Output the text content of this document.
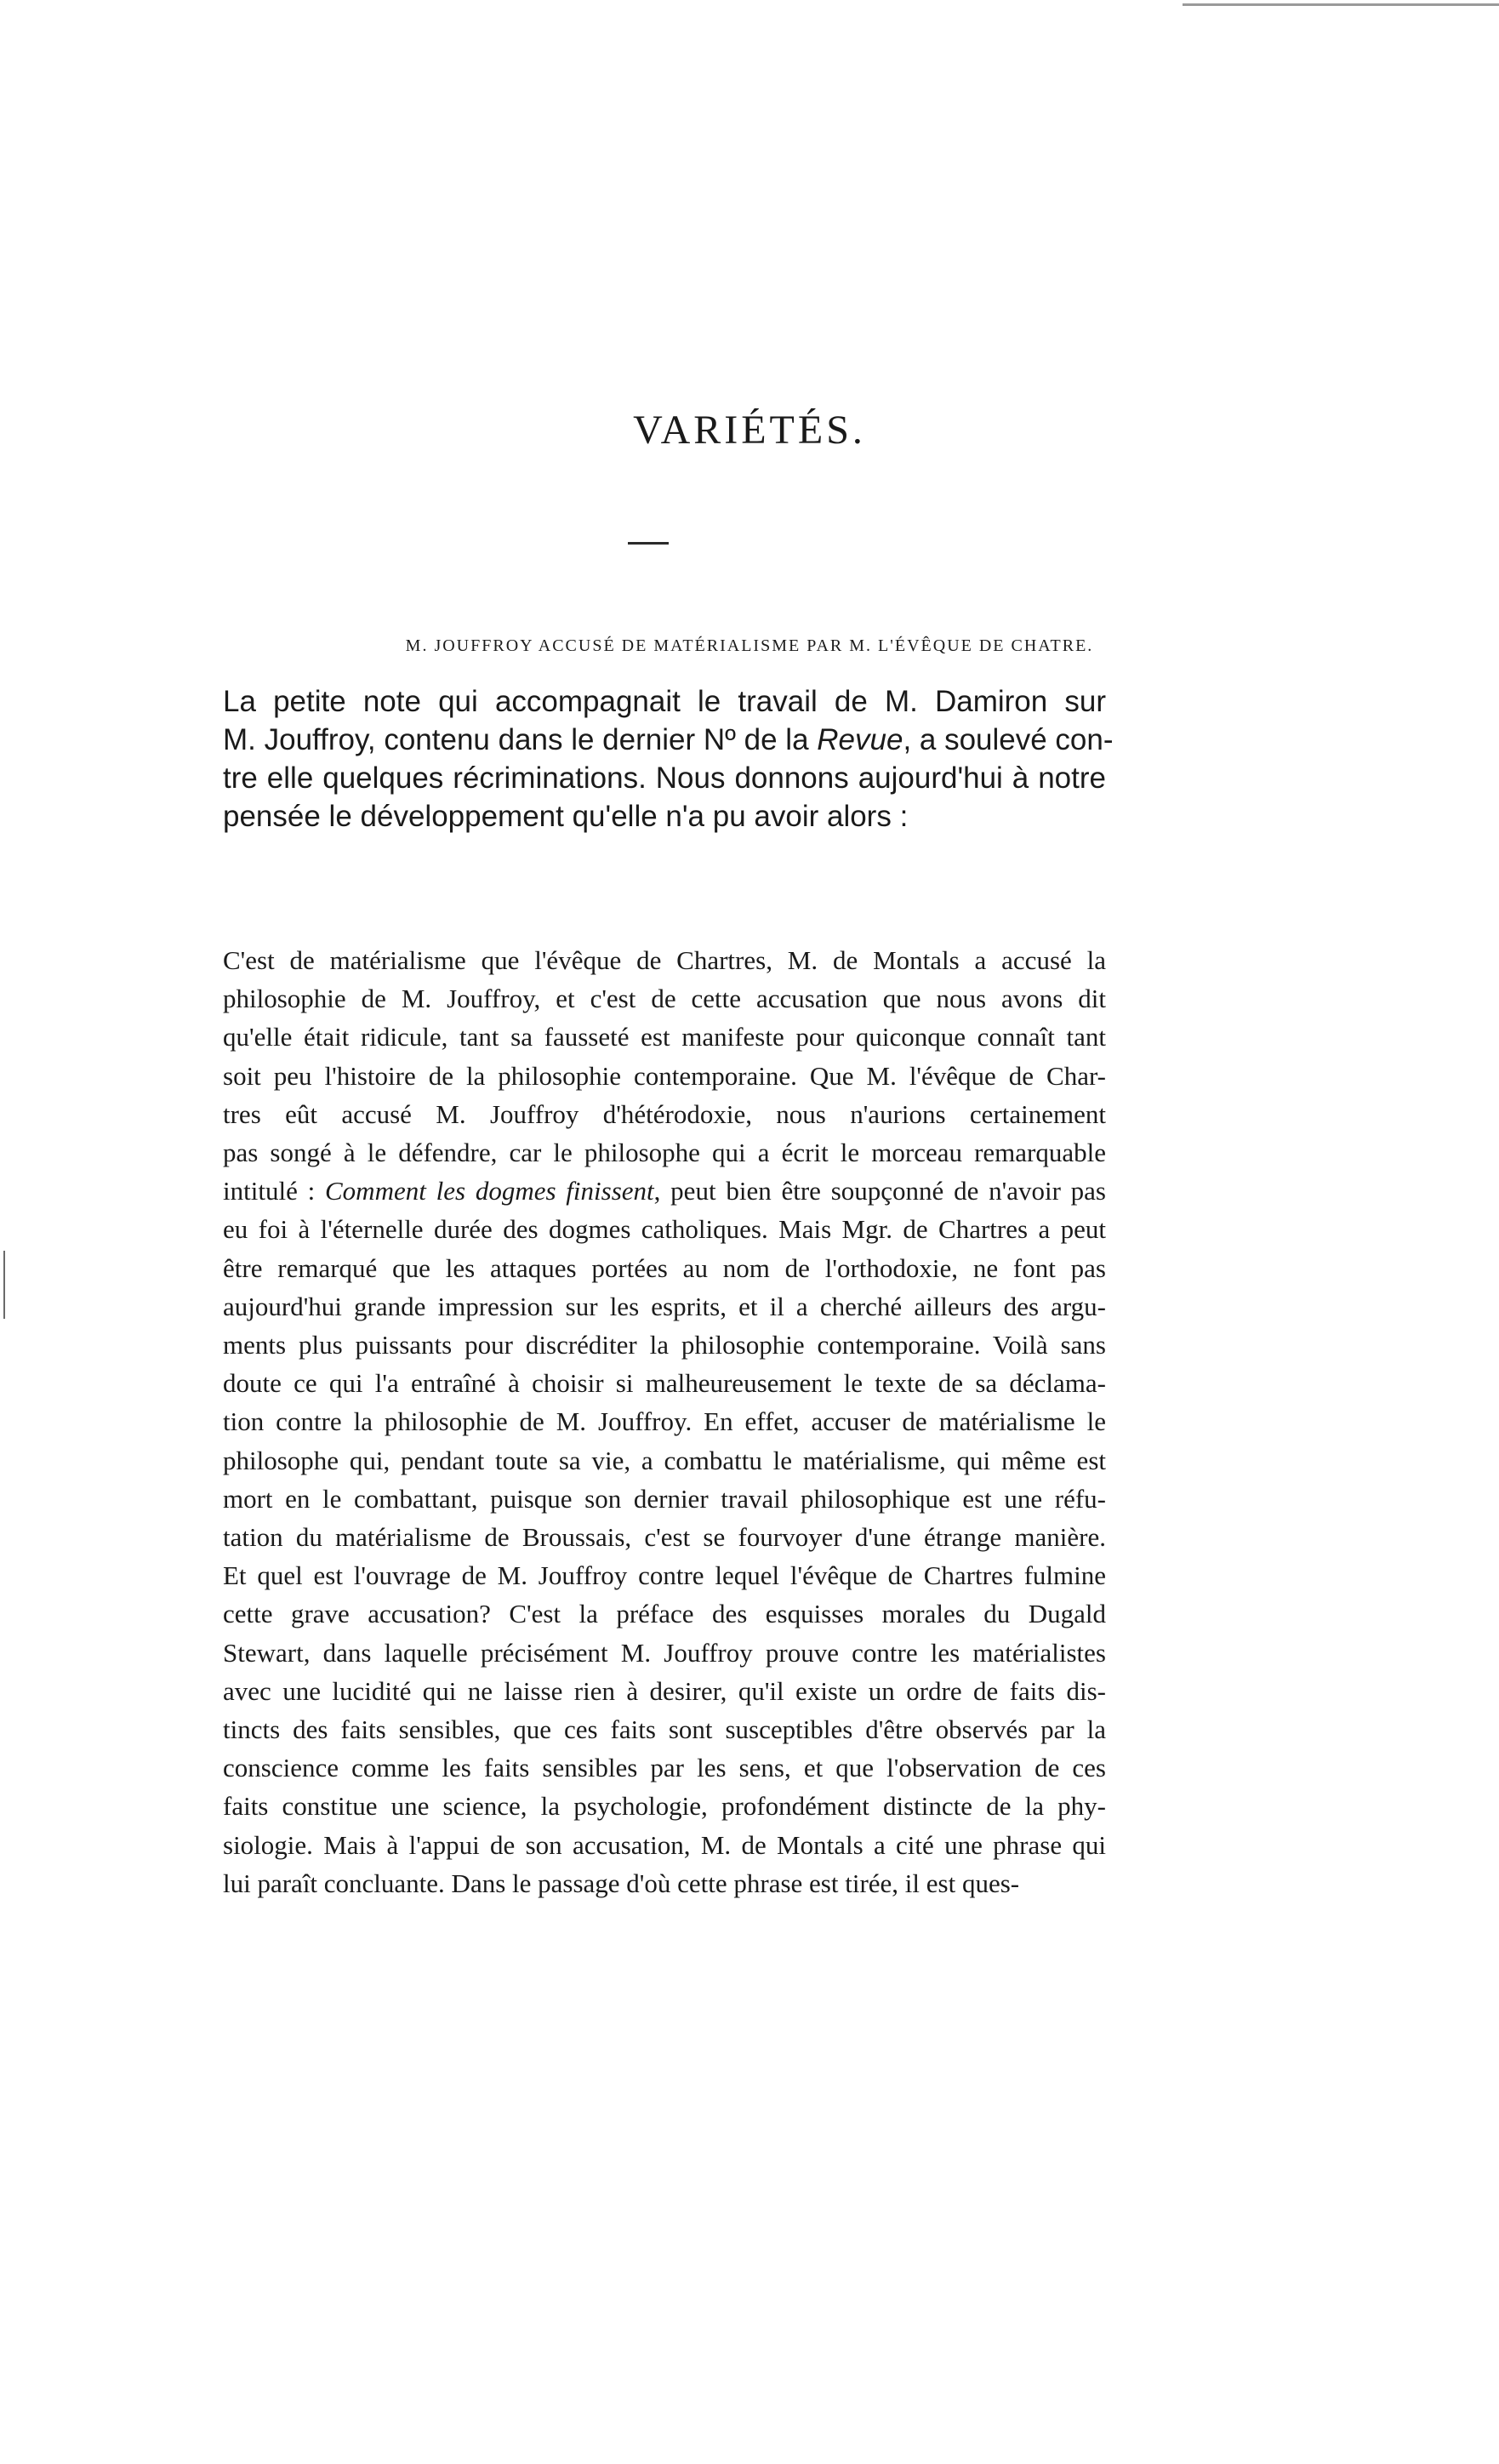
VARIÉTÉS.
M. JOUFFROY ACCUSÉ DE MATÉRIALISME PAR M. L'ÉVÊQUE DE CHATRE.
La petite note qui accompagnait le travail de M. Damiron sur
M. Jouffroy, contenu dans le dernier Nº de la Revue, a soulevé con-
tre elle quelques récriminations. Nous donnons aujourd'hui à notre
pensée le développement qu'elle n'a pu avoir alors :
C'est de matérialisme que l'évêque de Chartres, M. de Montals a accusé la
philosophie de M. Jouffroy, et c'est de cette accusation que nous avons dit
qu'elle était ridicule, tant sa fausseté est manifeste pour quiconque connaît tant
soit peu l'histoire de la philosophie contemporaine. Que M. l'évêque de Char-
tres eût accusé M. Jouffroy d'hétérodoxie, nous n'aurions certainement
pas songé à le défendre, car le philosophe qui a écrit le morceau remarquable
intitulé : Comment les dogmes finissent, peut bien être soupçonné de n'avoir pas
eu foi à l'éternelle durée des dogmes catholiques. Mais Mgr. de Chartres a peut
être remarqué que les attaques portées au nom de l'orthodoxie, ne font pas
aujourd'hui grande impression sur les esprits, et il a cherché ailleurs des argu-
ments plus puissants pour discréditer la philosophie contemporaine. Voilà sans
doute ce qui l'a entraîné à choisir si malheureusement le texte de sa déclama-
tion contre la philosophie de M. Jouffroy. En effet, accuser de matérialisme le
philosophe qui, pendant toute sa vie, a combattu le matérialisme, qui même est
mort en le combattant, puisque son dernier travail philosophique est une réfu-
tation du matérialisme de Broussais, c'est se fourvoyer d'une étrange manière.
Et quel est l'ouvrage de M. Jouffroy contre lequel l'évêque de Chartres fulmine
cette grave accusation? C'est la préface des esquisses morales du Dugald
Stewart, dans laquelle précisément M. Jouffroy prouve contre les matérialistes
avec une lucidité qui ne laisse rien à desirer, qu'il existe un ordre de faits dis-
tincts des faits sensibles, que ces faits sont susceptibles d'être observés par la
conscience comme les faits sensibles par les sens, et que l'observation de ces
faits constitue une science, la psychologie, profondément distincte de la phy-
siologie. Mais à l'appui de son accusation, M. de Montals a cité une phrase qui
lui paraît concluante. Dans le passage d'où cette phrase est tirée, il est ques-
